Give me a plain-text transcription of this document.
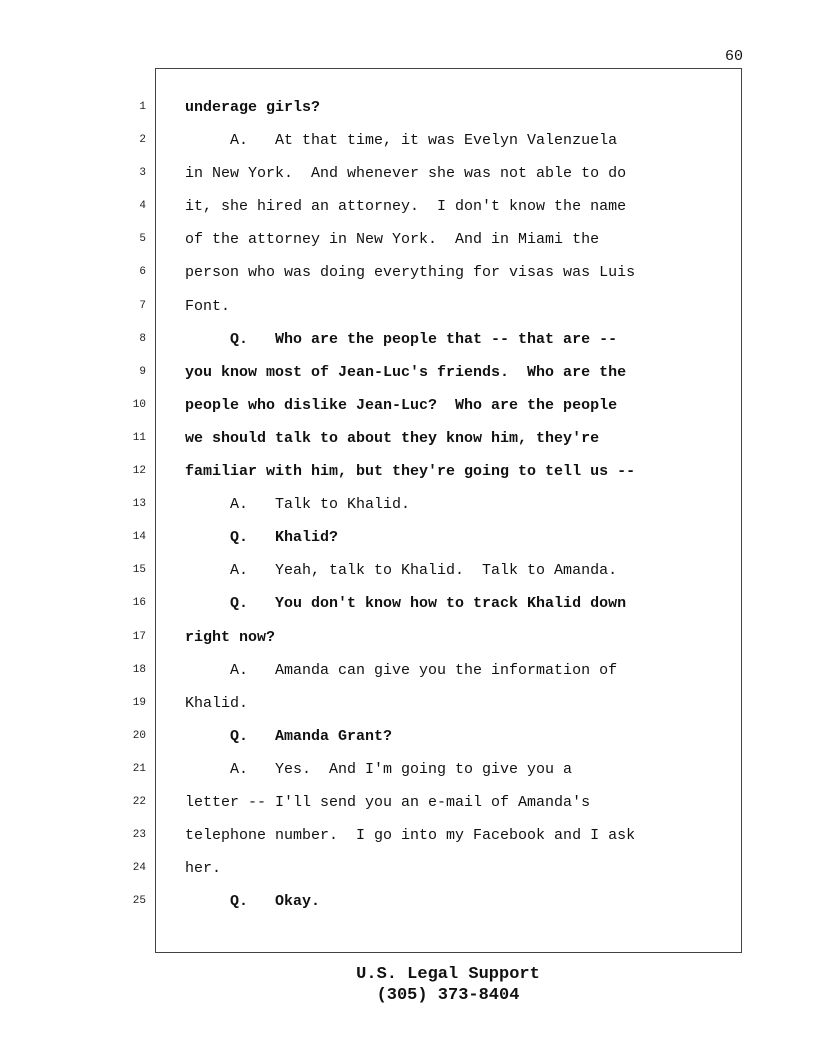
60
1
2
3
4
5
6
7
8
9
10
11
12
13
14
15
16
17
18
19
20
21
22
23
24
25
underage girls?
A.   At that time, it was Evelyn Valenzuela
in New York.  And whenever she was not able to do
it, she hired an attorney.  I don't know the name
of the attorney in New York.  And in Miami the
person who was doing everything for visas was Luis
Font.
Q.   Who are the people that -- that are --
you know most of Jean-Luc's friends.  Who are the
people who dislike Jean-Luc?  Who are the people
we should talk to about they know him, they're
familiar with him, but they're going to tell us --
A.   Talk to Khalid.
Q.   Khalid?
A.   Yeah, talk to Khalid.  Talk to Amanda.
Q.   You don't know how to track Khalid down
right now?
A.   Amanda can give you the information of
Khalid.
Q.   Amanda Grant?
A.   Yes.  And I'm going to give you a
letter -- I'll send you an e-mail of Amanda's
telephone number.  I go into my Facebook and I ask
her.
Q.   Okay.
U.S. Legal Support
(305) 373-8404
